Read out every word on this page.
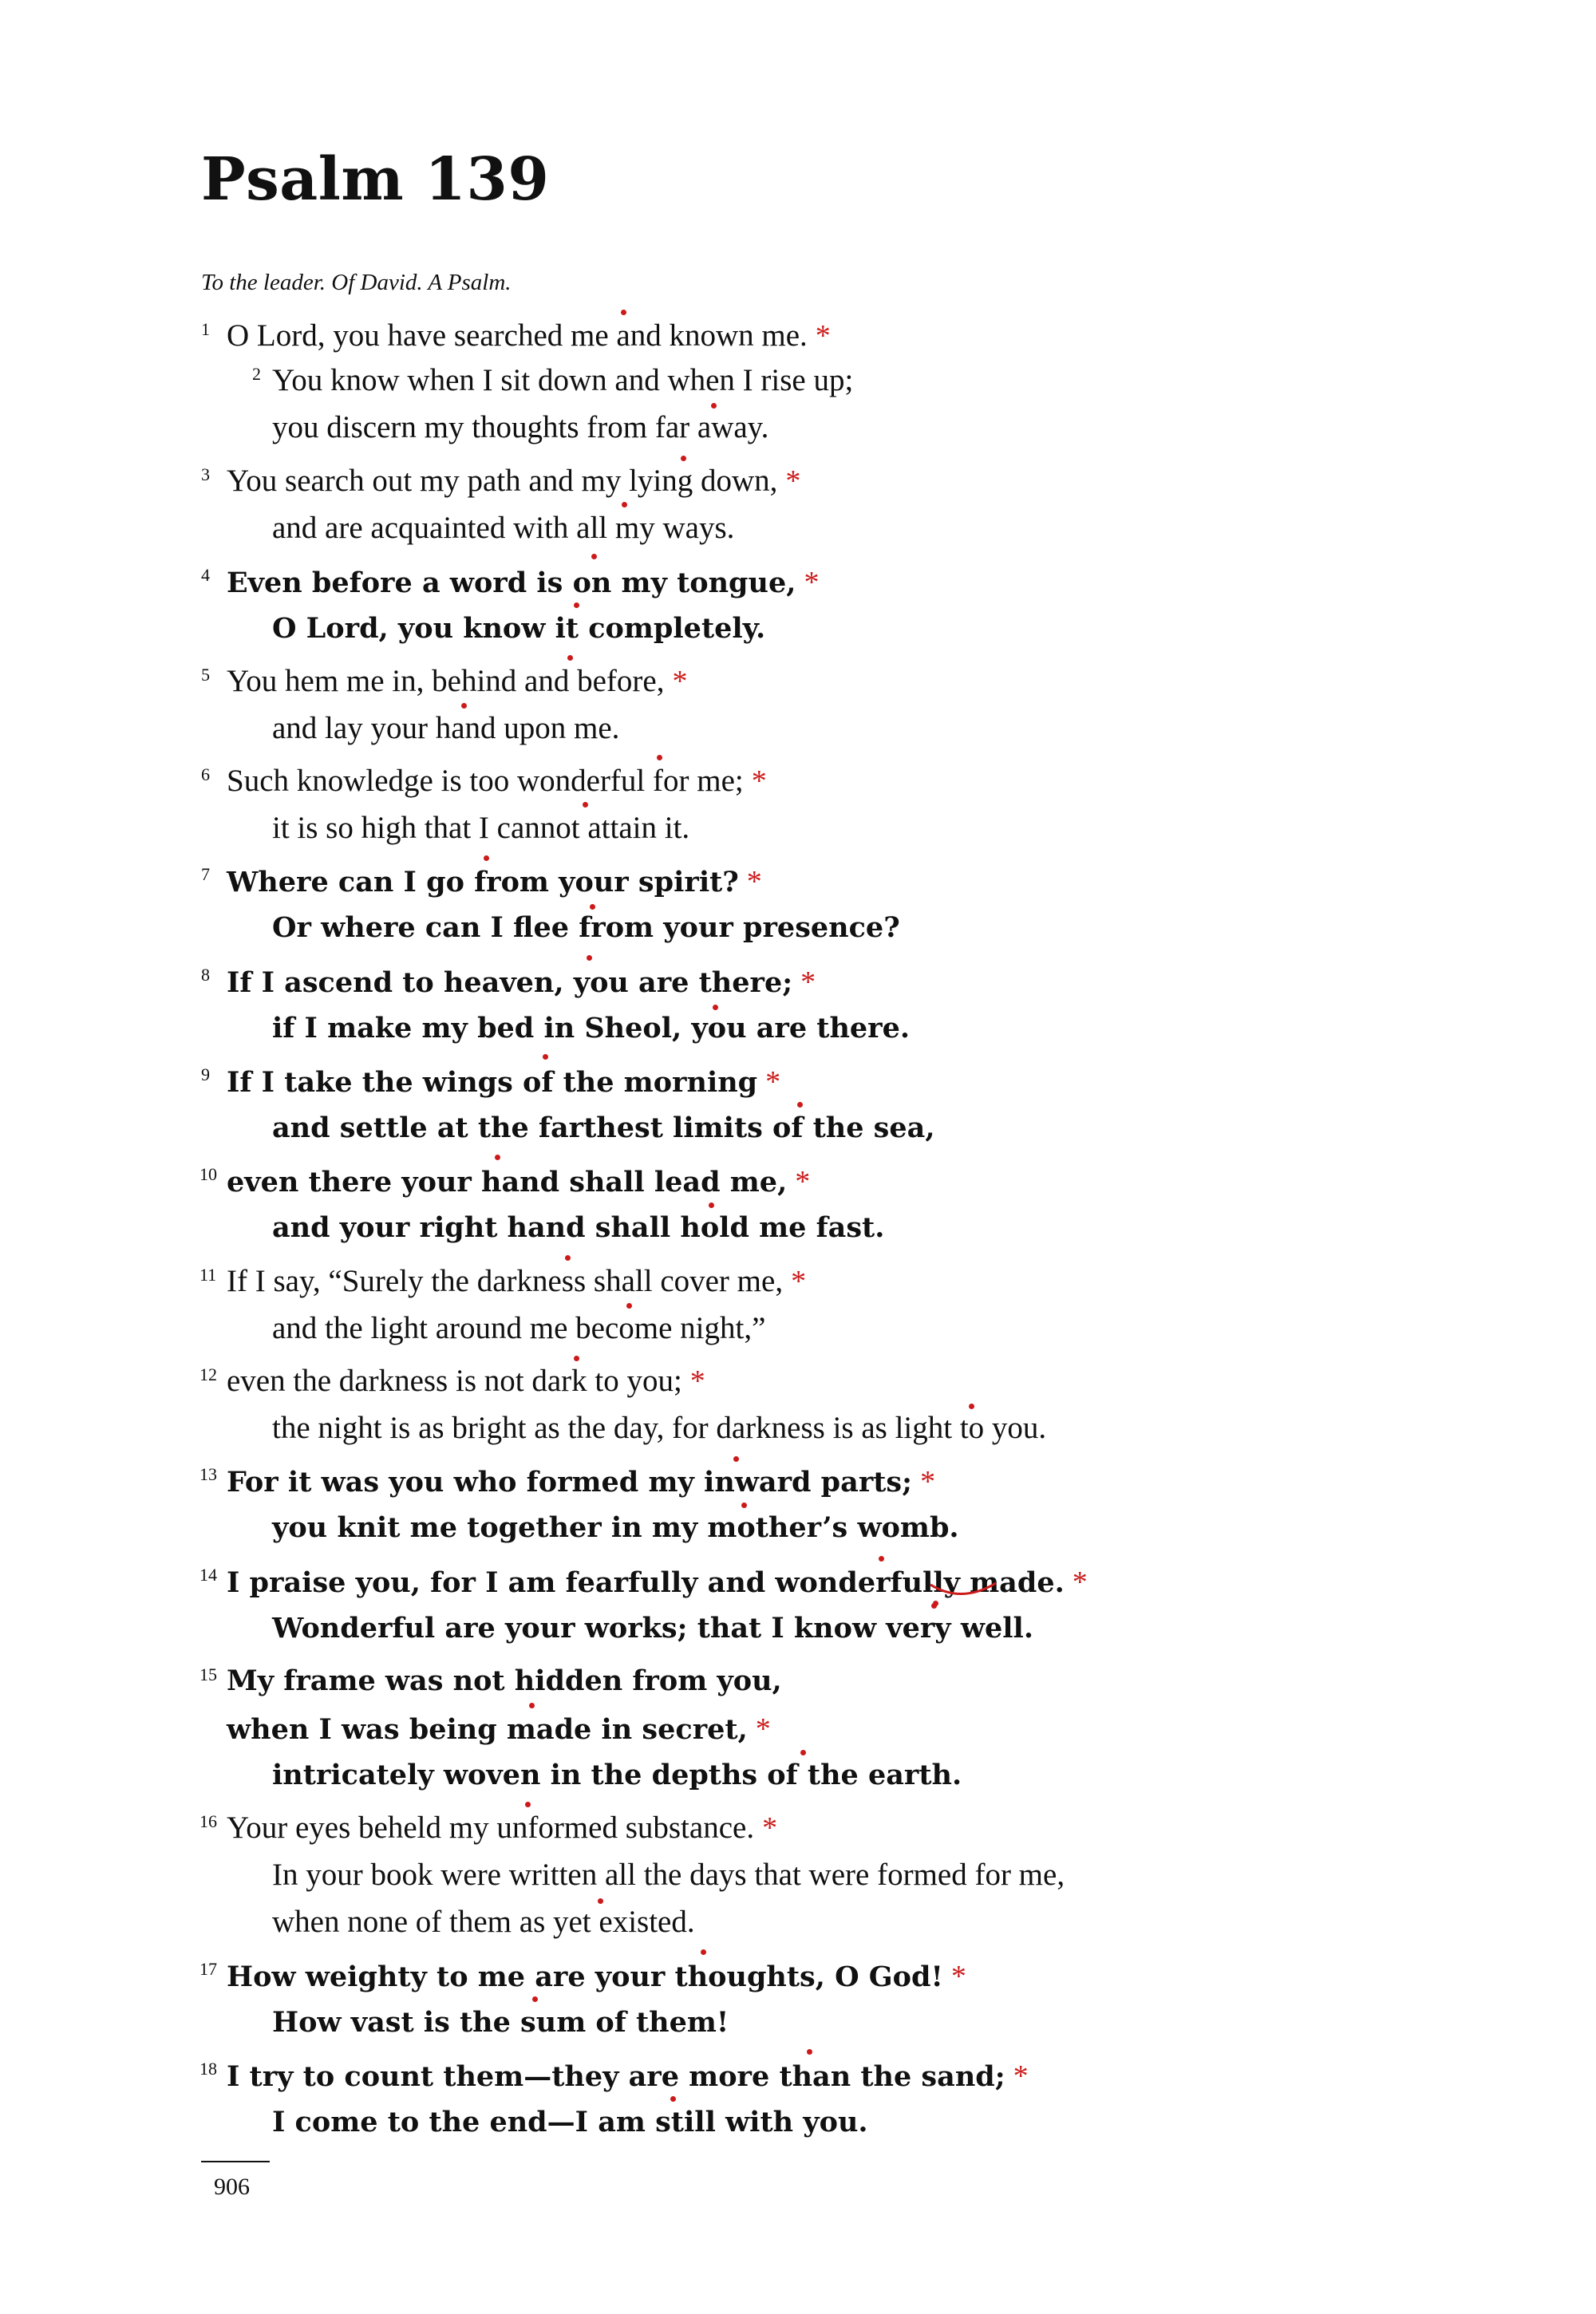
Psalm 139
To the leader. Of David. A Psalm.
1 O Lord, you have searched me and known me. *
2 You know when I sit down and when I rise up;
you discern my thoughts from far away.
3 You search out my path and my lying down, *
and are acquainted with all my ways.
4 Even before a word is on my tongue, *
O Lord, you know it completely.
5 You hem me in, behind and before, *
and lay your hand upon me.
6 Such knowledge is too wonderful for me; *
it is so high that I cannot attain it.
7 Where can I go from your spirit? *
Or where can I flee from your presence?
8 If I ascend to heaven, you are there; *
if I make my bed in Sheol, you are there.
9 If I take the wings of the morning *
and settle at the farthest limits of the sea,
10 even there your hand shall lead me, *
and your right hand shall hold me fast.
11 If I say, “Surely the darkness shall cover me, *
and the light around me become night,”
12 even the darkness is not dark to you; *
the night is as bright as the day, for darkness is as light to you.
13 For it was you who formed my inward parts; *
you knit me together in my mother’s womb.
14 I praise you, for I am fearfully and wonderfully made. *
Wonderful are your works; that I know very well.
15 My frame was not hidden from you,
when I was being made in secret, *
intricately woven in the depths of the earth.
16 Your eyes beheld my unformed substance. *
In your book were written all the days that were formed for me,
when none of them as yet existed.
17 How weighty to me are your thoughts, O God! *
How vast is the sum of them!
18 I try to count them—they are more than the sand; *
I come to the end—I am still with you.
906
